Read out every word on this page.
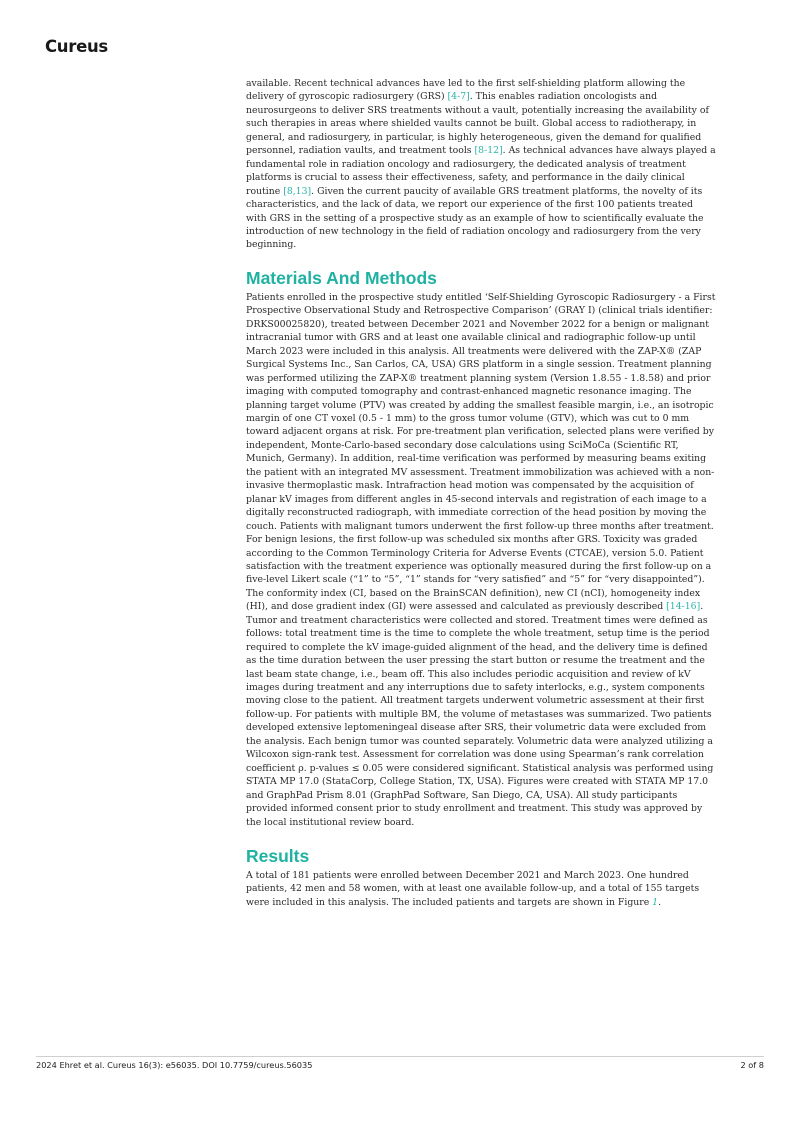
Cureus

available. Recent technical advances have led to the first self-shielding platform allowing the delivery of gyroscopic radiosurgery (GRS) [4-7]. This enables radiation oncologists and neurosurgeons to deliver SRS treatments without a vault, potentially increasing the availability of such therapies in areas where shielded vaults cannot be built. Global access to radiotherapy, in general, and radiosurgery, in particular, is highly heterogeneous, given the demand for qualified personnel, radiation vaults, and treatment tools [8-12]. As technical advances have always played a fundamental role in radiation oncology and radiosurgery, the dedicated analysis of treatment platforms is crucial to assess their effectiveness, safety, and performance in the daily clinical routine [8,13]. Given the current paucity of available GRS treatment platforms, the novelty of its characteristics, and the lack of data, we report our experience of the first 100 patients treated with GRS in the setting of a prospective study as an example of how to scientifically evaluate the introduction of new technology in the field of radiation oncology and radiosurgery from the very beginning.

Materials And Methods

Patients enrolled in the prospective study entitled ‘Self-Shielding Gyroscopic Radiosurgery - a First Prospective Observational Study and Retrospective Comparison’ (GRAY I) (clinical trials identifier: DRKS00025820), treated between December 2021 and November 2022 for a benign or malignant intracranial tumor with GRS and at least one available clinical and radiographic follow-up until March 2023 were included in this analysis. All treatments were delivered with the ZAP-X® (ZAP Surgical Systems Inc., San Carlos, CA, USA) GRS platform in a single session. Treatment planning was performed utilizing the ZAP-X® treatment planning system (Version 1.8.55 - 1.8.58) and prior imaging with computed tomography and contrast-enhanced magnetic resonance imaging. The planning target volume (PTV) was created by adding the smallest feasible margin, i.e., an isotropic margin of one CT voxel (0.5 - 1 mm) to the gross tumor volume (GTV), which was cut to 0 mm toward adjacent organs at risk. For pre-treatment plan verification, selected plans were verified by independent, Monte-Carlo-based secondary dose calculations using SciMoCa (Scientific RT, Munich, Germany). In addition, real-time verification was performed by measuring beams exiting the patient with an integrated MV assessment. Treatment immobilization was achieved with a non-invasive thermoplastic mask. Intrafraction head motion was compensated by the acquisition of planar kV images from different angles in 45-second intervals and registration of each image to a digitally reconstructed radiograph, with immediate correction of the head position by moving the couch. Patients with malignant tumors underwent the first follow-up three months after treatment. For benign lesions, the first follow-up was scheduled six months after GRS. Toxicity was graded according to the Common Terminology Criteria for Adverse Events (CTCAE), version 5.0. Patient satisfaction with the treatment experience was optionally measured during the first follow-up on a five-level Likert scale (“1” to “5”, “1” stands for “very satisfied” and “5” for “very disappointed”). The conformity index (CI, based on the BrainSCAN definition), new CI (nCI), homogeneity index (HI), and dose gradient index (GI) were assessed and calculated as previously described [14-16]. Tumor and treatment characteristics were collected and stored. Treatment times were defined as follows: total treatment time is the time to complete the whole treatment, setup time is the period required to complete the kV image-guided alignment of the head, and the delivery time is defined as the time duration between the user pressing the start button or resume the treatment and the last beam state change, i.e., beam off. This also includes periodic acquisition and review of kV images during treatment and any interruptions due to safety interlocks, e.g., system components moving close to the patient. All treatment targets underwent volumetric assessment at their first follow-up. For patients with multiple BM, the volume of metastases was summarized. Two patients developed extensive leptomeningeal disease after SRS, their volumetric data were excluded from the analysis. Each benign tumor was counted separately. Volumetric data were analyzed utilizing a Wilcoxon sign-rank test. Assessment for correlation was done using Spearman’s rank correlation coefficient ρ. p-values ≤ 0.05 were considered significant. Statistical analysis was performed using STATA MP 17.0 (StataCorp, College Station, TX, USA). Figures were created with STATA MP 17.0 and GraphPad Prism 8.01 (GraphPad Software, San Diego, CA, USA). All study participants provided informed consent prior to study enrollment and treatment. This study was approved by the local institutional review board.

Results

A total of 181 patients were enrolled between December 2021 and March 2023. One hundred patients, 42 men and 58 women, with at least one available follow-up, and a total of 155 targets were included in this analysis. The included patients and targets are shown in Figure 1.

2024 Ehret et al. Cureus 16(3): e56035. DOI 10.7759/cureus.56035	2 of 8
